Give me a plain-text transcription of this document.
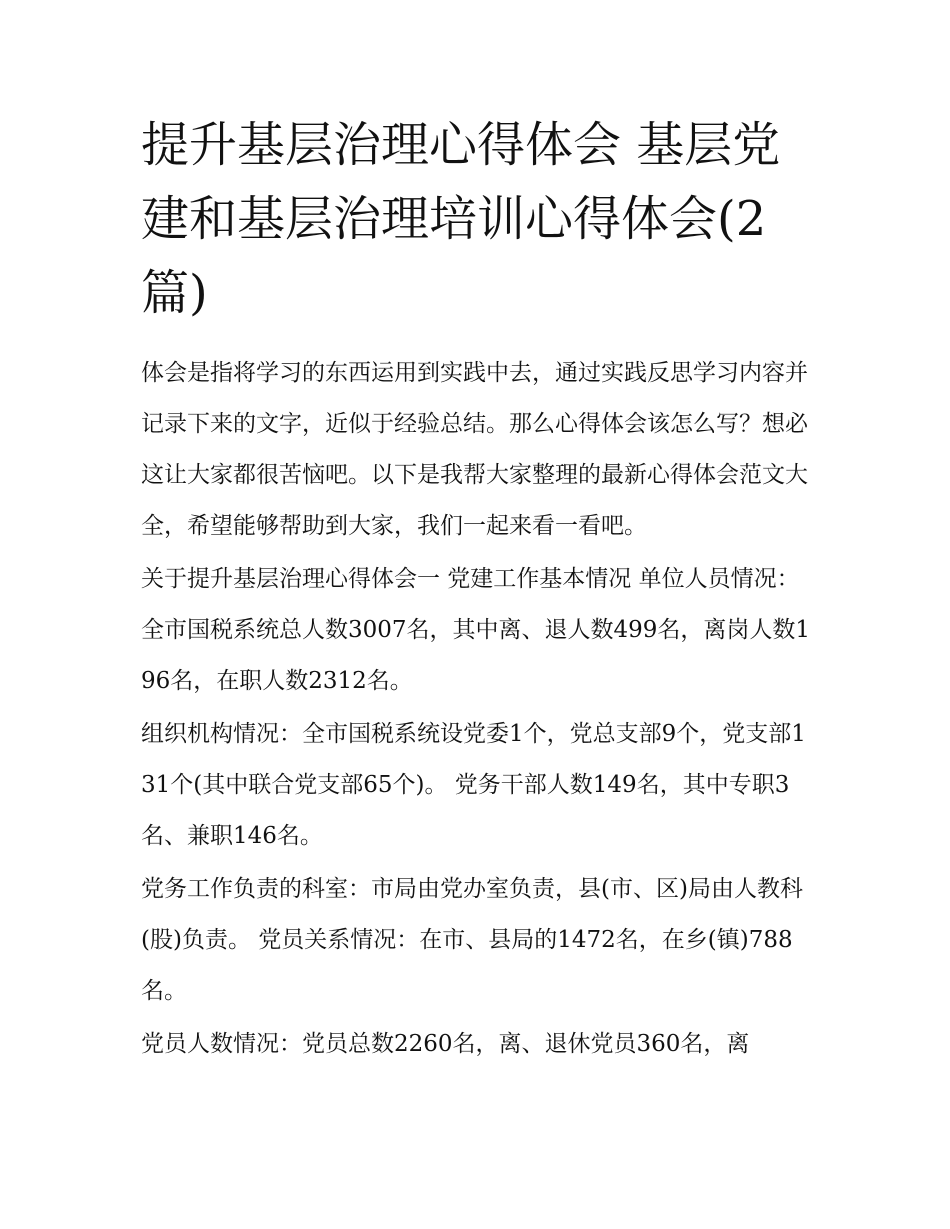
提升基层治理心得体会 基层党建和基层治理培训心得体会(2篇)

体会是指将学习的东西运用到实践中去，通过实践反思学习内容并记录下来的文字，近似于经验总结。那么心得体会该怎么写？想必这让大家都很苦恼吧。以下是我帮大家整理的最新心得体会范文大全，希望能够帮助到大家，我们一起来看一看吧。

关于提升基层治理心得体会一 党建工作基本情况 单位人员情况：全市国税系统总人数3007名，其中离、退人数499名，离岗人数196名，在职人数2312名。

组织机构情况：全市国税系统设党委1个，党总支部9个，党支部131个(其中联合党支部65个)。 党务干部人数149名，其中专职3名、兼职146名。

党务工作负责的科室：市局由党办室负责，县(市、区)局由人教科(股)负责。 党员关系情况：在市、县局的1472名，在乡(镇)788名。

党员人数情况：党员总数2260名，离、退休党员360名，离
